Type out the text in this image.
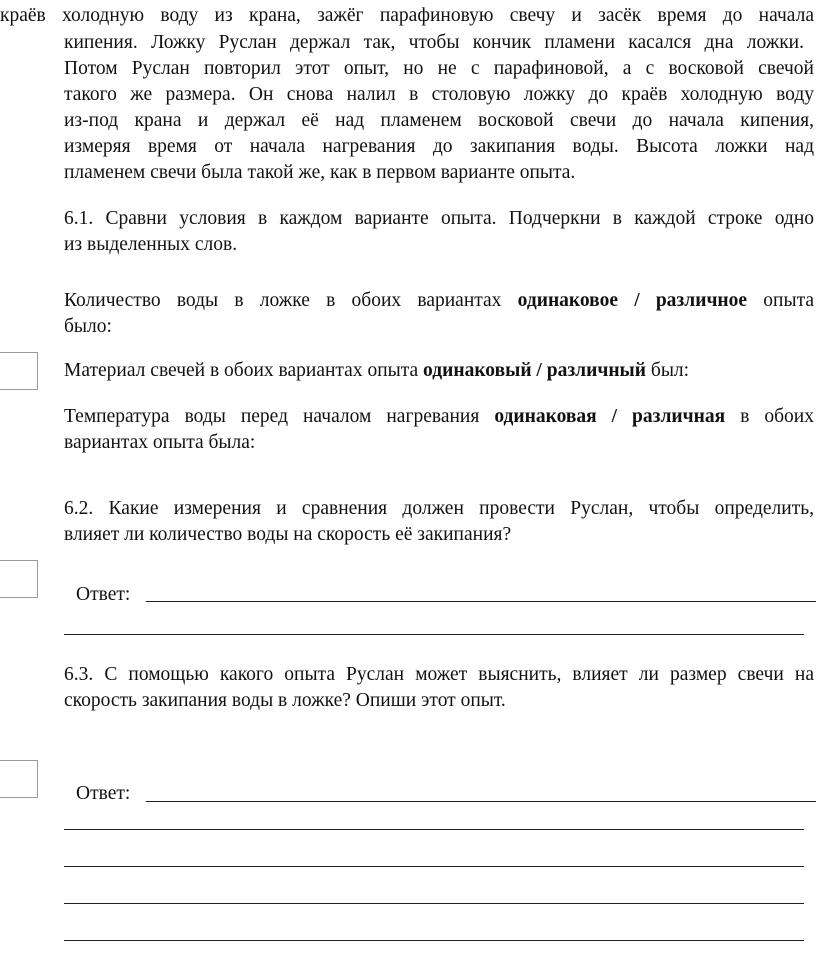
краёв холодную воду из крана, зажёг парафиновую свечу и засёк время до начала
кипения. Ложку Руслан держал так, чтобы кончик пламени касался дна ложки.
Потом Руслан повторил этот опыт, но не с парафиновой, а с восковой свечой
такого же размера. Он снова налил в столовую ложку до краёв холодную воду
из-под крана и держал её над пламенем восковой свечи до начала кипения,
измеряя время от начала нагревания до закипания воды. Высота ложки над
пламенем свечи была такой же, как в первом варианте опыта.
6.1. Сравни условия в каждом варианте опыта. Подчеркни в каждой строке одно
из выделенных слов.
Количество воды в ложке в обоих вариантах одинаковое / различное опыта
было:
Материал свечей в обоих вариантах опыта одинаковый / различный был:
Температура воды перед началом нагревания одинаковая / различная в обоих
вариантах опыта была:
6.2. Какие измерения и сравнения должен провести Руслан, чтобы определить,
влияет ли количество воды на скорость её закипания?
Ответ:
6.3. С помощью какого опыта Руслан может выяснить, влияет ли размер свечи на
скорость закипания воды в ложке? Опиши этот опыт.
Ответ:
